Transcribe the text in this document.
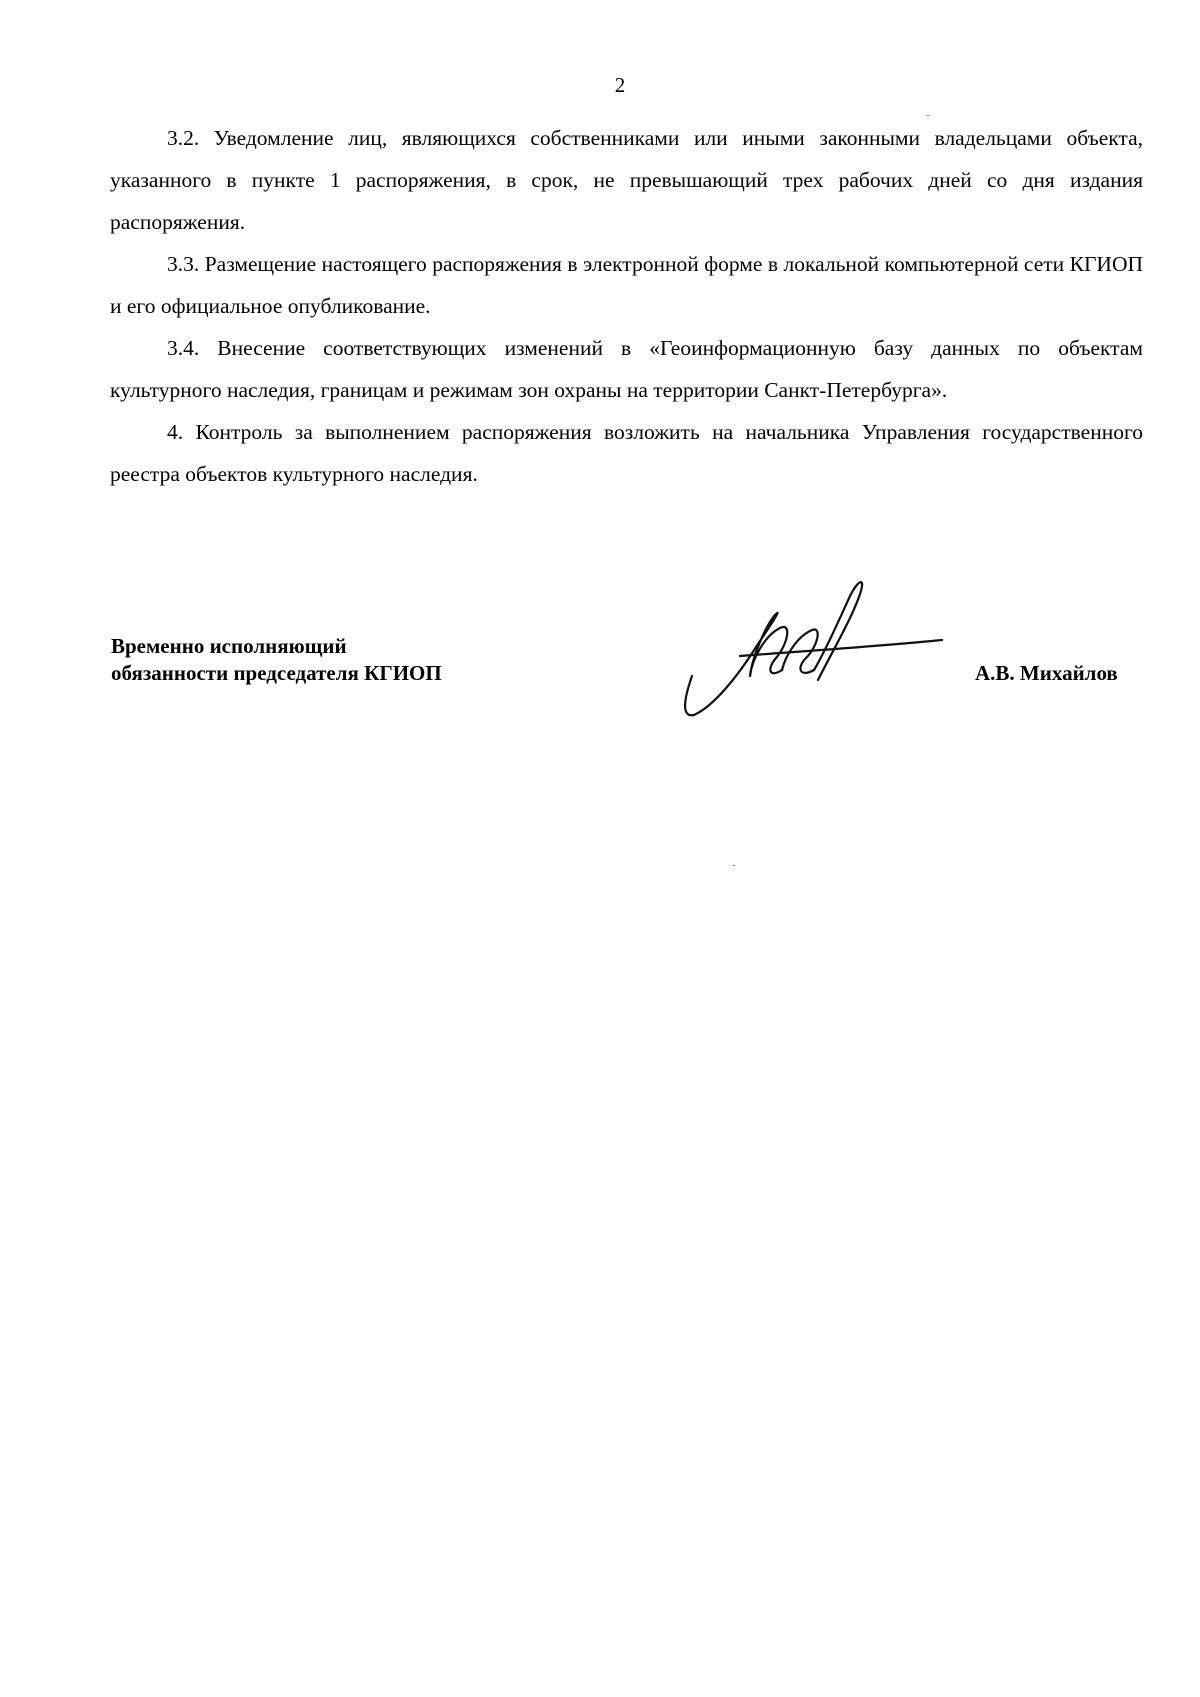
2

3.2. Уведомление лиц, являющихся собственниками или иными законными владельцами объекта, указанного в пункте 1 распоряжения, в срок, не превышающий трех рабочих дней со дня издания распоряжения.

3.3. Размещение настоящего распоряжения в электронной форме в локальной компьютерной сети КГИОП и его официальное опубликование.

3.4. Внесение соответствующих изменений в «Геоинформационную базу данных по объектам культурного наследия, границам и режимам зон охраны на территории Санкт-Петербурга».

4. Контроль за выполнением распоряжения возложить на начальника Управления государственного реестра объектов культурного наследия.

Временно исполняющий
обязанности председателя КГИОП	А.В. Михайлов
